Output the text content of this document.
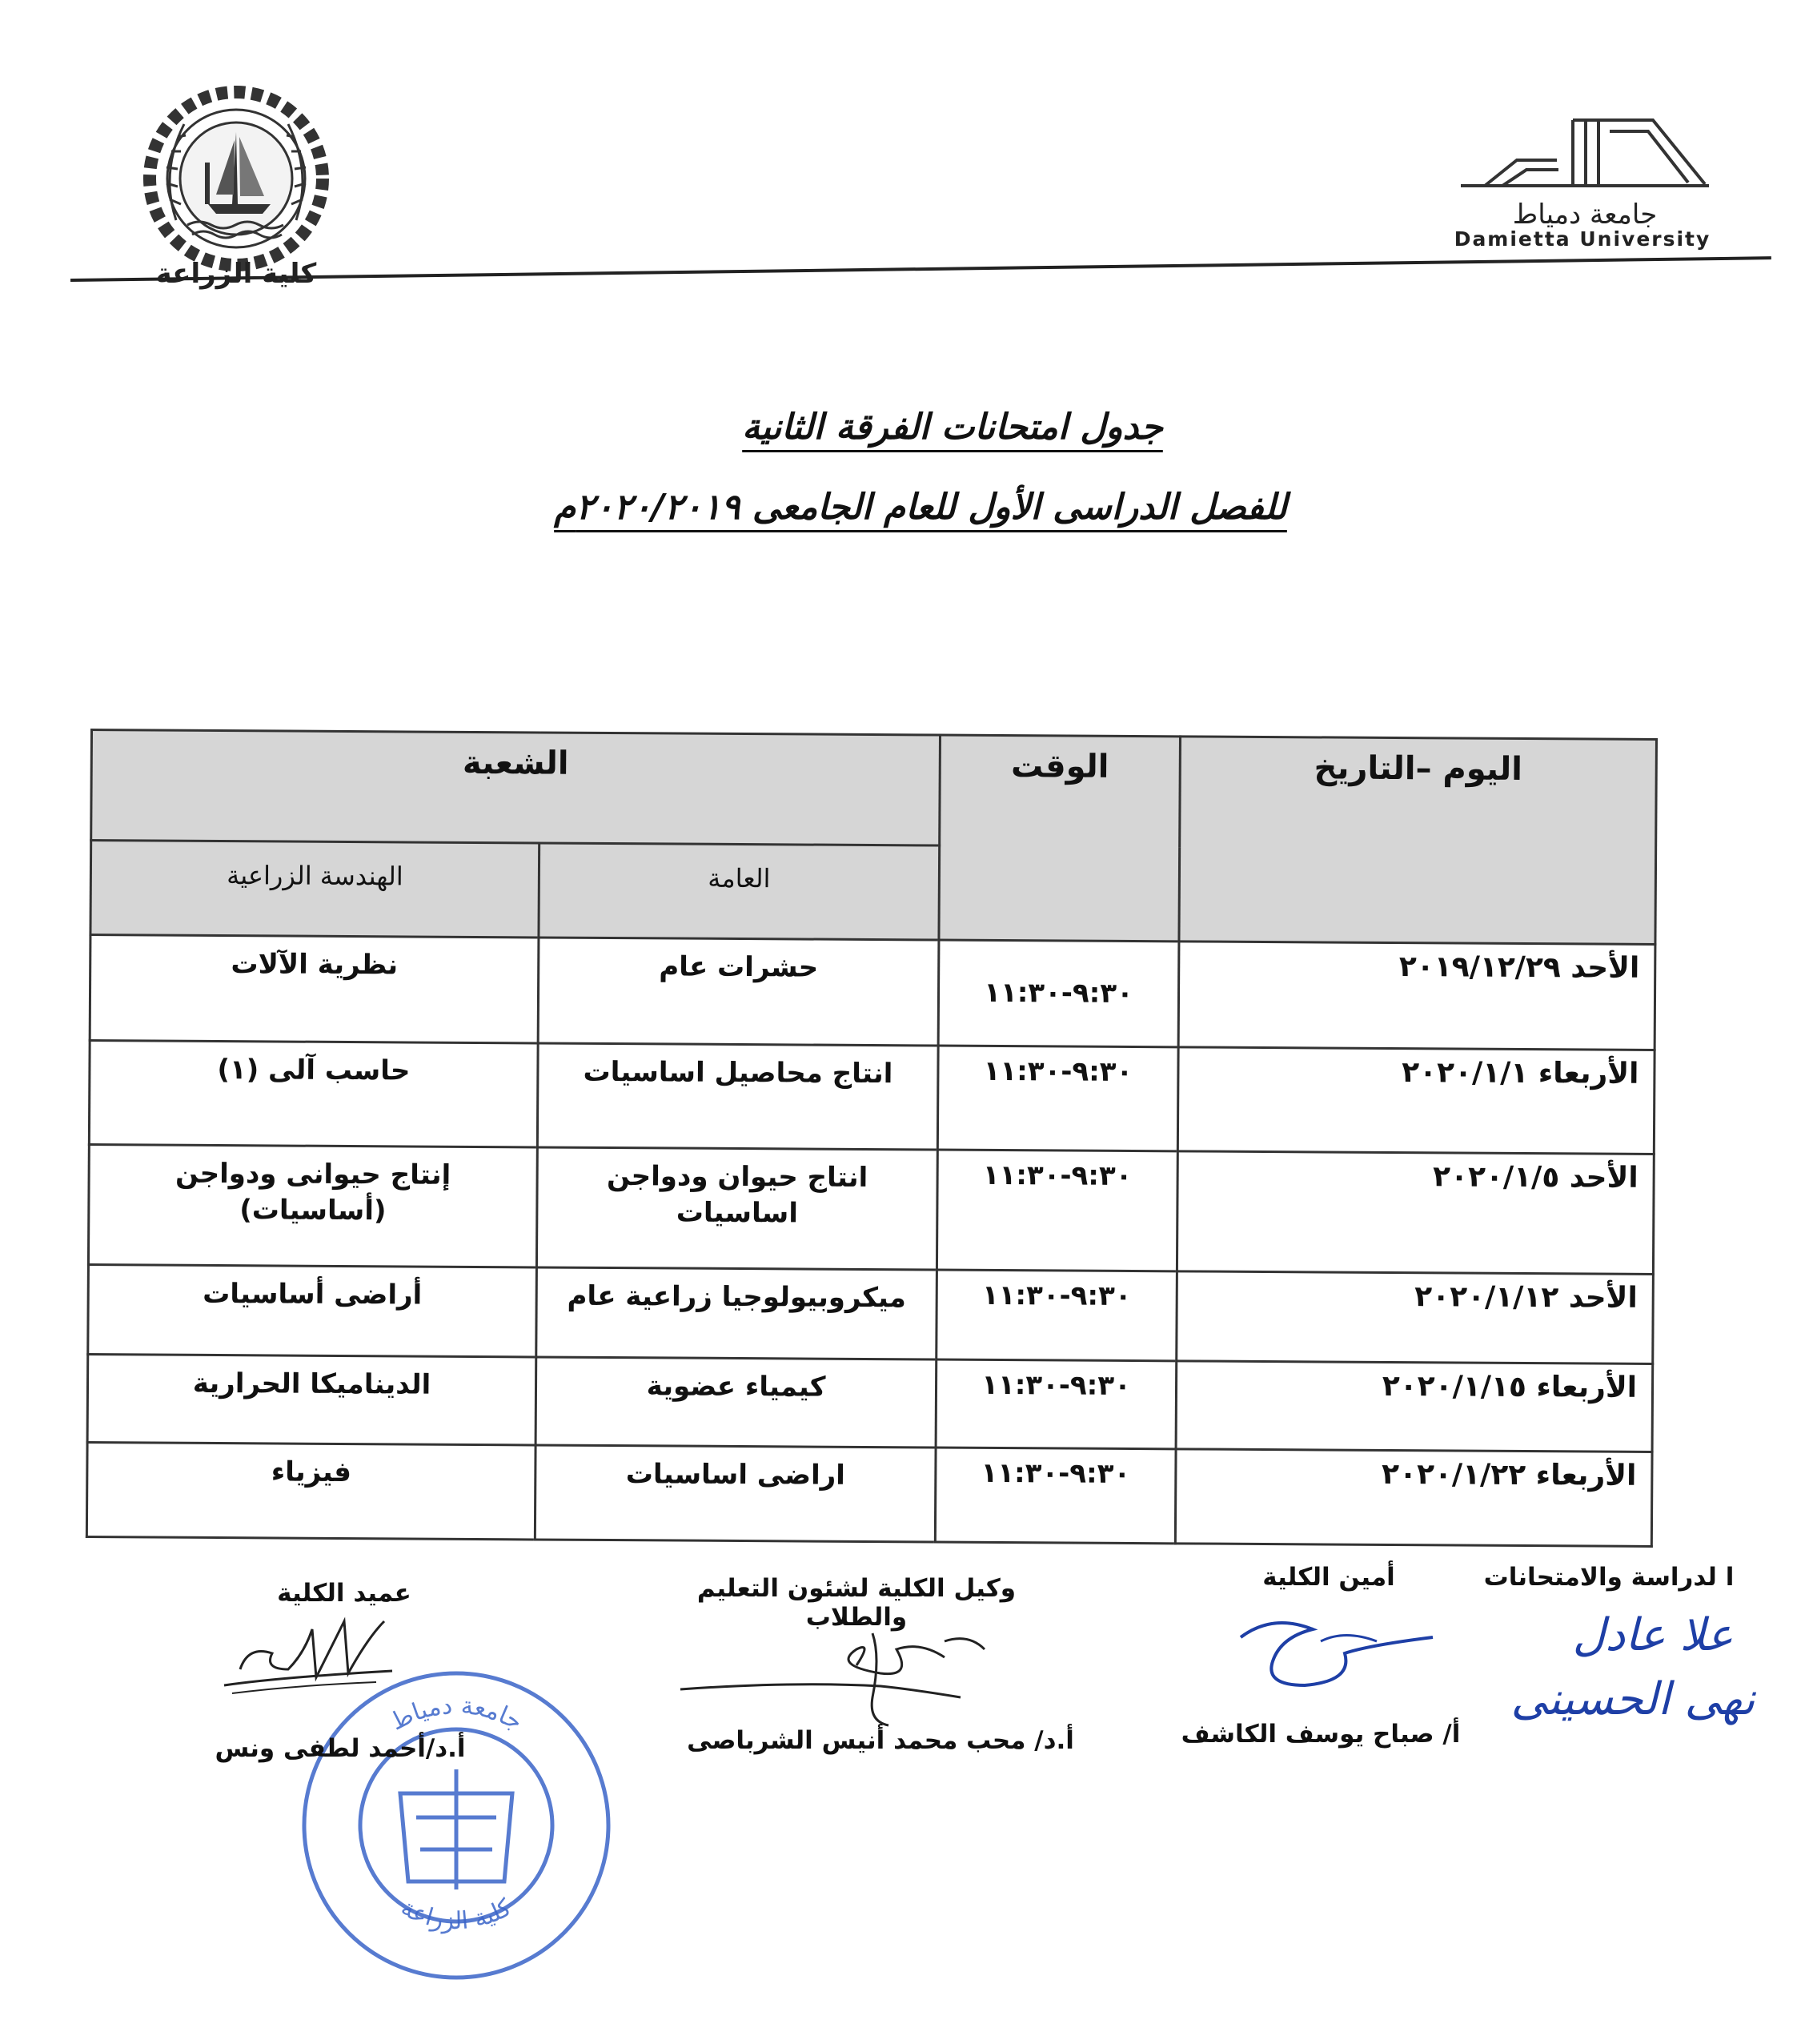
كلية الزراعة
جامعة دمياط
Damietta University
جدول امتحانات الفرقة الثانية
للفصل الدراسى الأول للعام الجامعى ٢٠٢٠/٢٠١٩م
اليوم –التاريخ	الوقت	الشعبة	
		العامة	الهندسة الزراعية
الأحد ٢٠١٩/١٢/٢٩	٩:٣٠-١١:٣٠	حشرات عام	نظرية الآلات
الأربعاء ٢٠٢٠/١/١	٩:٣٠-١١:٣٠	انتاج محاصيل اساسيات	حاسب آلى (١)
الأحد ٢٠٢٠/١/٥	٩:٣٠-١١:٣٠	انتاج حيوان ودواجن اساسيات	إنتاج حيوانى ودواجن (أساسيات)
الأحد ٢٠٢٠/١/١٢	٩:٣٠-١١:٣٠	ميكروبيولوجيا زراعية عام	أراضى أساسيات
الأربعاء ٢٠٢٠/١/١٥	٩:٣٠-١١:٣٠	كيمياء عضوية	الديناميكا الحرارية
الأربعاء ٢٠٢٠/١/٢٢	٩:٣٠-١١:٣٠	اراضى اساسيات	فيزياء
ا لدراسة والامتحانات
أمين الكلية
وكيل الكلية لشئون التعليم والطلاب
عميد الكلية
علا عادل
نهى الحسينى
جامعة دمياط
كلية الزراعة
أ/ صباح يوسف الكاشف
أ.د/ محب محمد أنيس الشرباصى
أ.د/أحمد لطفى ونس
